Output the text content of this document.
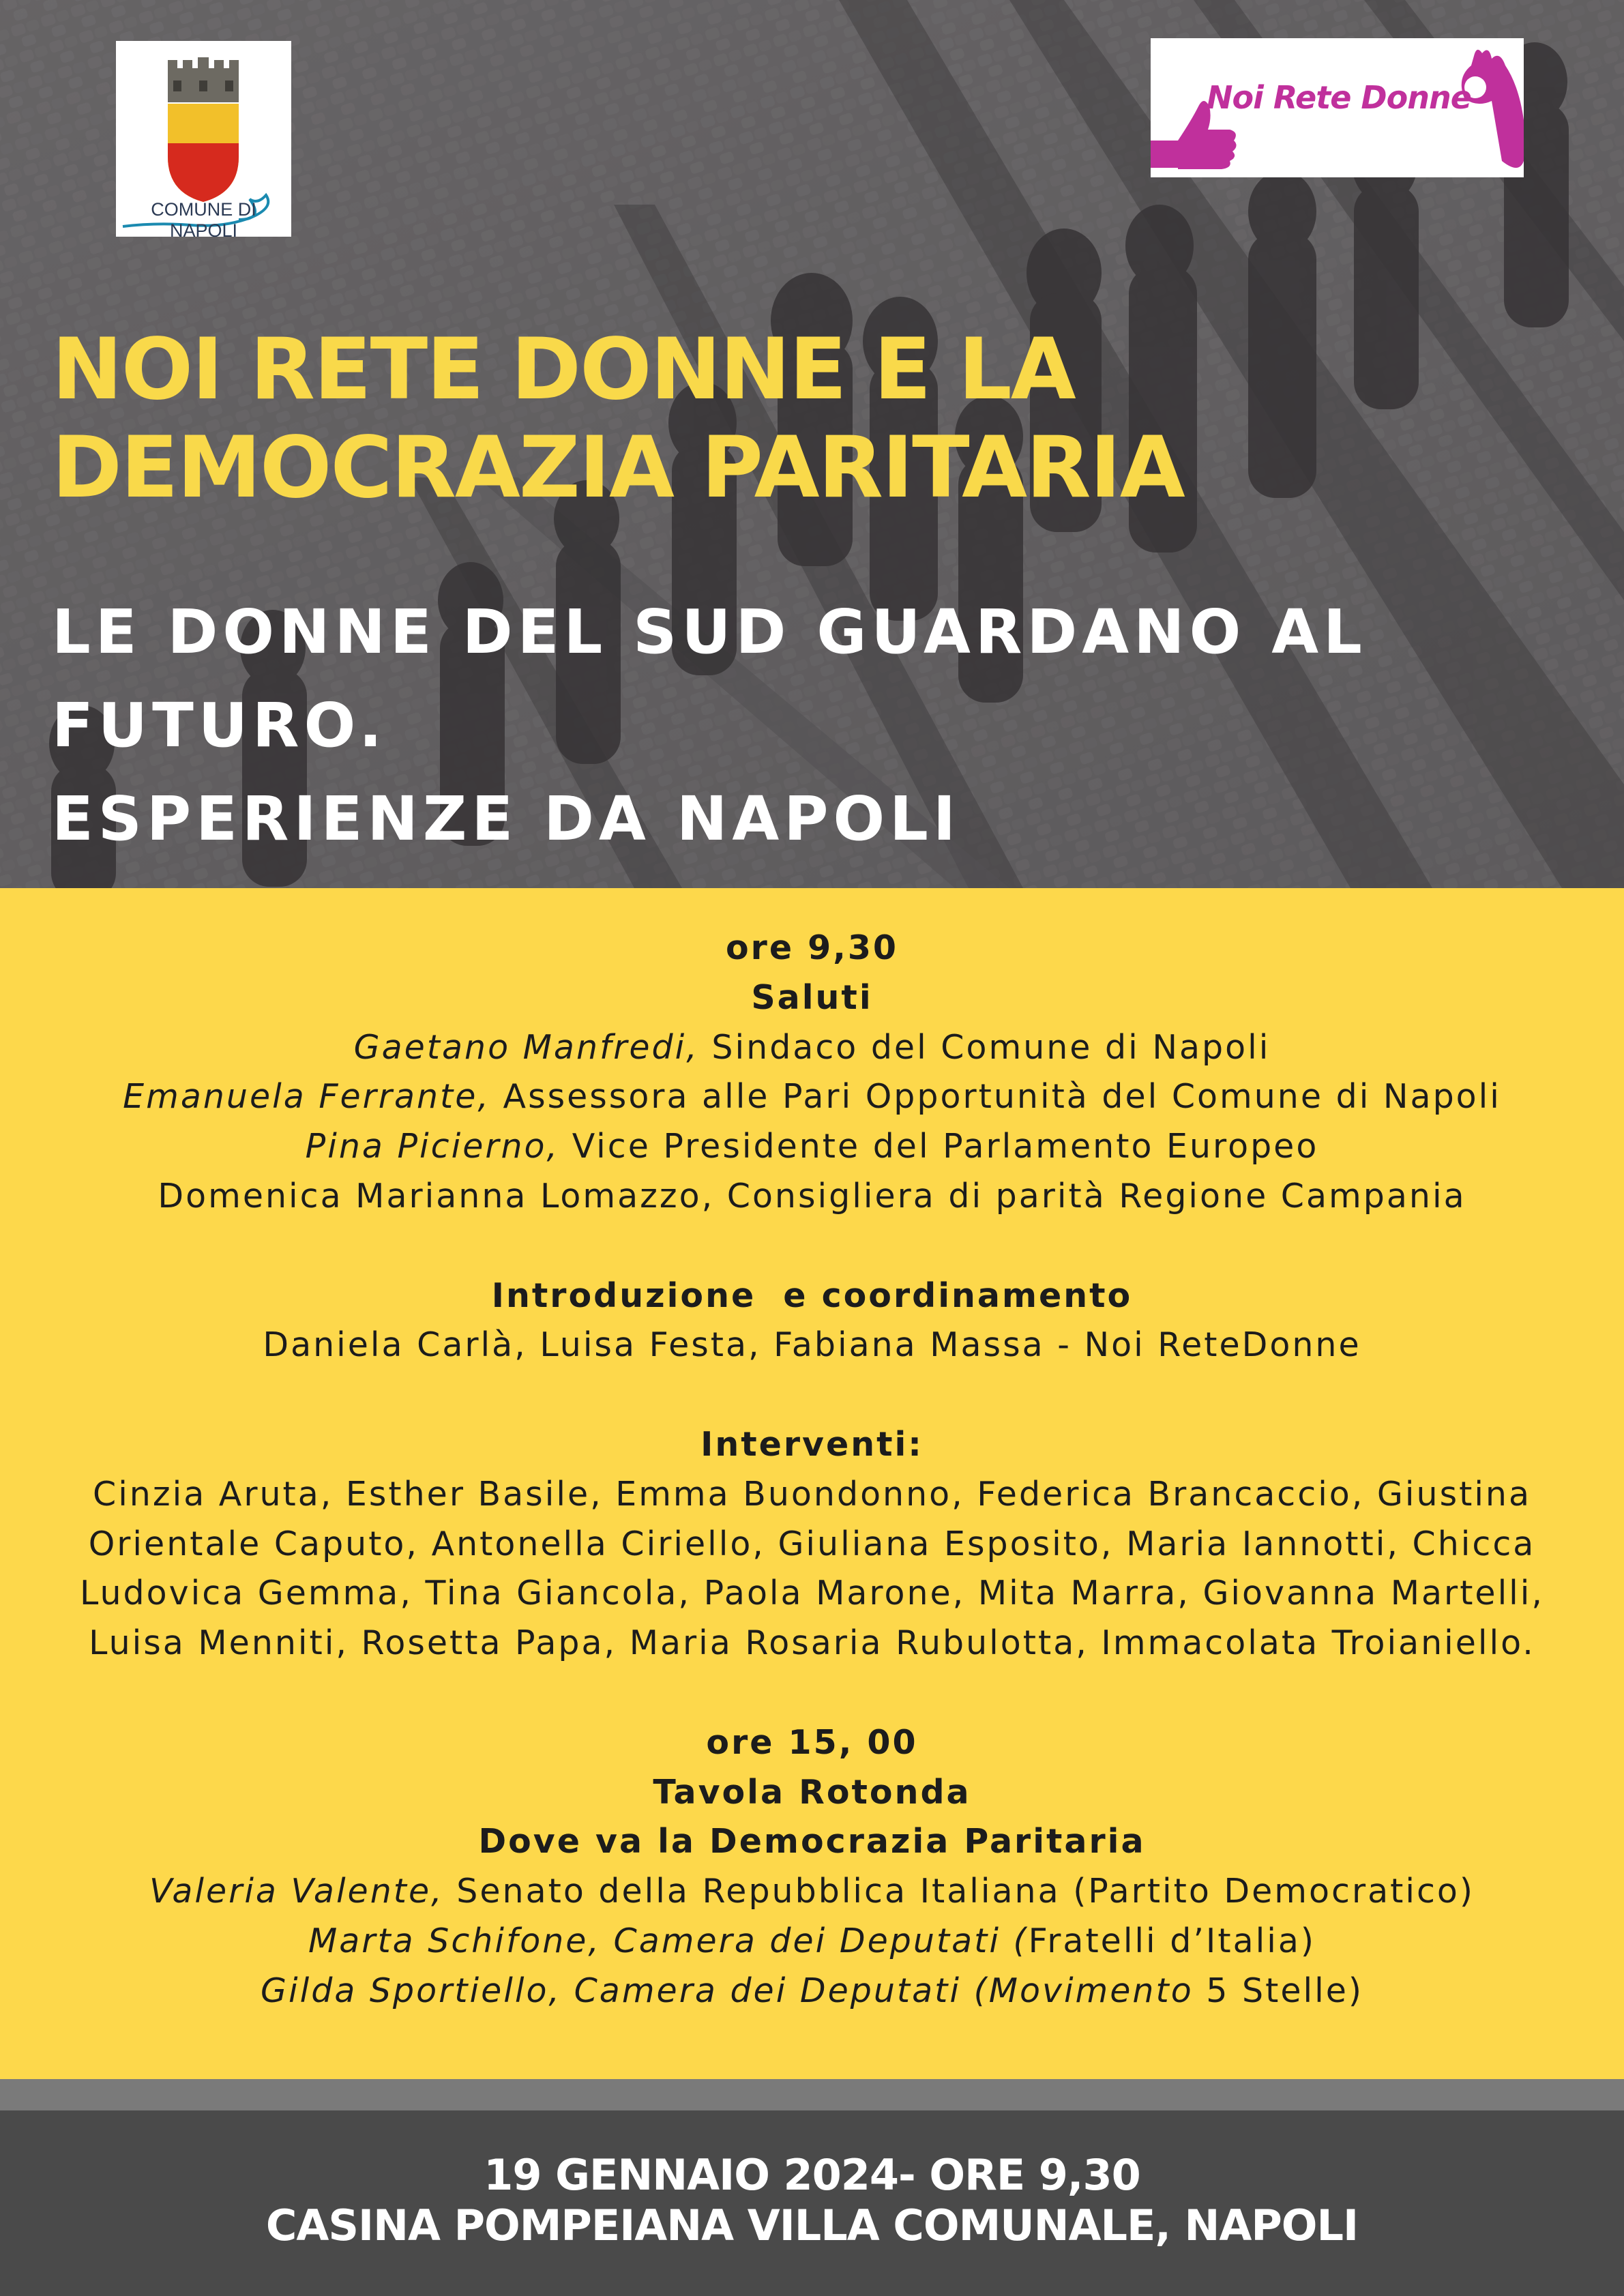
COMUNE DI NAPOLI
Noi Rete Donne
NOI RETE DONNE E LA
DEMOCRAZIA PARITARIA
LE DONNE DEL SUD GUARDANO AL FUTURO.
ESPERIENZE DA NAPOLI
ore 9,30
Saluti
Gaetano Manfredi, Sindaco del Comune di Napoli
Emanuela Ferrante, Assessora alle Pari Opportunità del Comune di Napoli
Pina Picierno, Vice Presidente del Parlamento Europeo
Domenica Marianna Lomazzo, Consigliera di parità Regione Campania
Introduzione  e coordinamento
Daniela Carlà, Luisa Festa, Fabiana Massa - Noi ReteDonne
Interventi:
Cinzia Aruta, Esther Basile, Emma Buondonno, Federica Brancaccio, Giustina
Orientale Caputo, Antonella Ciriello, Giuliana Esposito, Maria Iannotti, Chicca
Ludovica Gemma, Tina Giancola, Paola Marone, Mita Marra, Giovanna Martelli,
Luisa Menniti, Rosetta Papa, Maria Rosaria Rubulotta, Immacolata Troianiello.
ore 15, 00
Tavola Rotonda
Dove va la Democrazia Paritaria
Valeria Valente, Senato della Repubblica Italiana (Partito Democratico)
Marta Schifone, Camera dei Deputati (Fratelli d’Italia)
Gilda Sportiello, Camera dei Deputati (Movimento 5 Stelle)
19 GENNAIO 2024- ORE 9,30
CASINA POMPEIANA VILLA COMUNALE, NAPOLI
